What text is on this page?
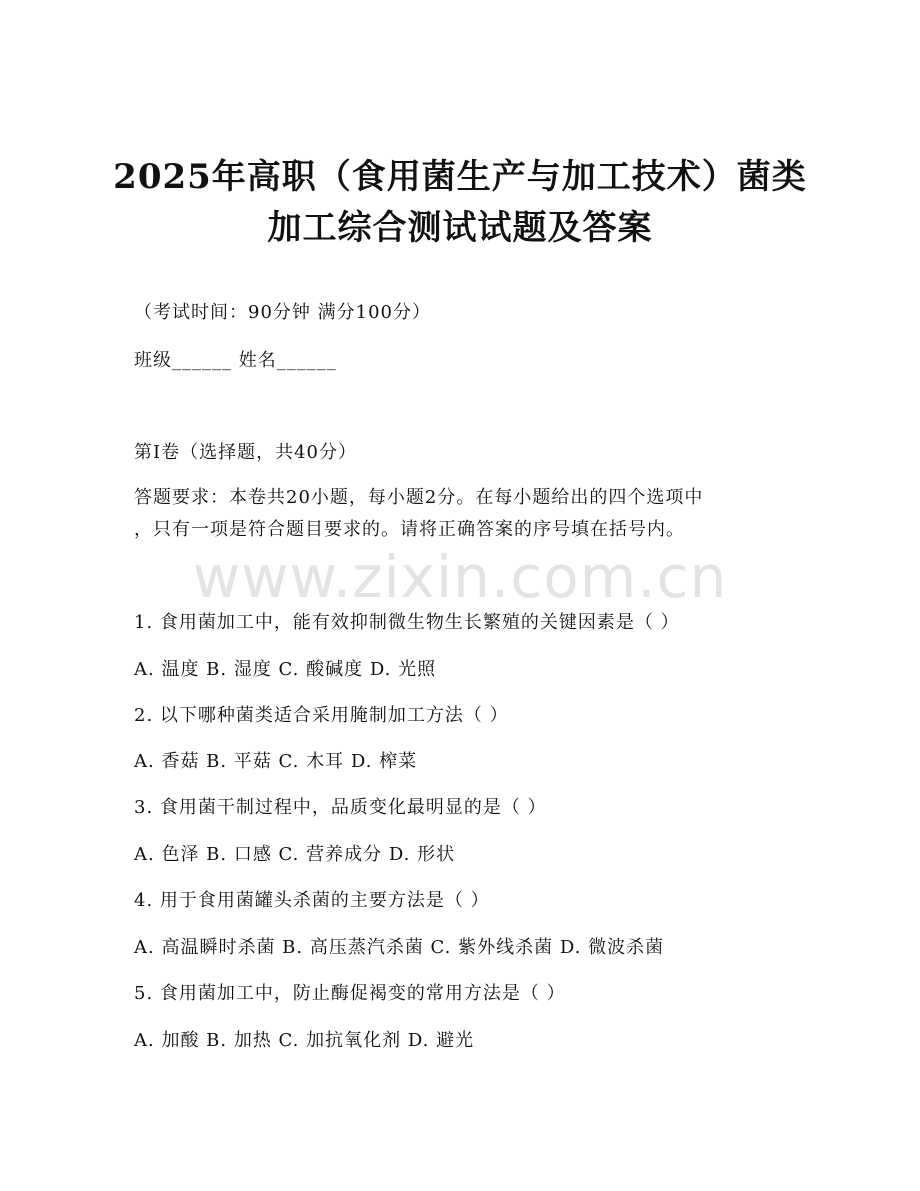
2025年高职（食用菌生产与加工技术）菌类
加工综合测试试题及答案
（考试时间：90分钟 满分100分）
班级______ 姓名______
第Ⅰ卷（选择题，共40分）
答题要求：本卷共20小题，每小题2分。在每小题给出的四个选项中
，只有一项是符合题目要求的。请将正确答案的序号填在括号内。
www.zixin.com.cn
1. 食用菌加工中，能有效抑制微生物生长繁殖的关键因素是（ ）
A. 温度 B. 湿度 C. 酸碱度 D. 光照
2. 以下哪种菌类适合采用腌制加工方法（ ）
A. 香菇 B. 平菇 C. 木耳 D. 榨菜
3. 食用菌干制过程中，品质变化最明显的是（ ）
A. 色泽 B. 口感 C. 营养成分 D. 形状
4. 用于食用菌罐头杀菌的主要方法是（ ）
A. 高温瞬时杀菌 B. 高压蒸汽杀菌 C. 紫外线杀菌 D. 微波杀菌
5. 食用菌加工中，防止酶促褐变的常用方法是（ ）
A. 加酸 B. 加热 C. 加抗氧化剂 D. 避光
